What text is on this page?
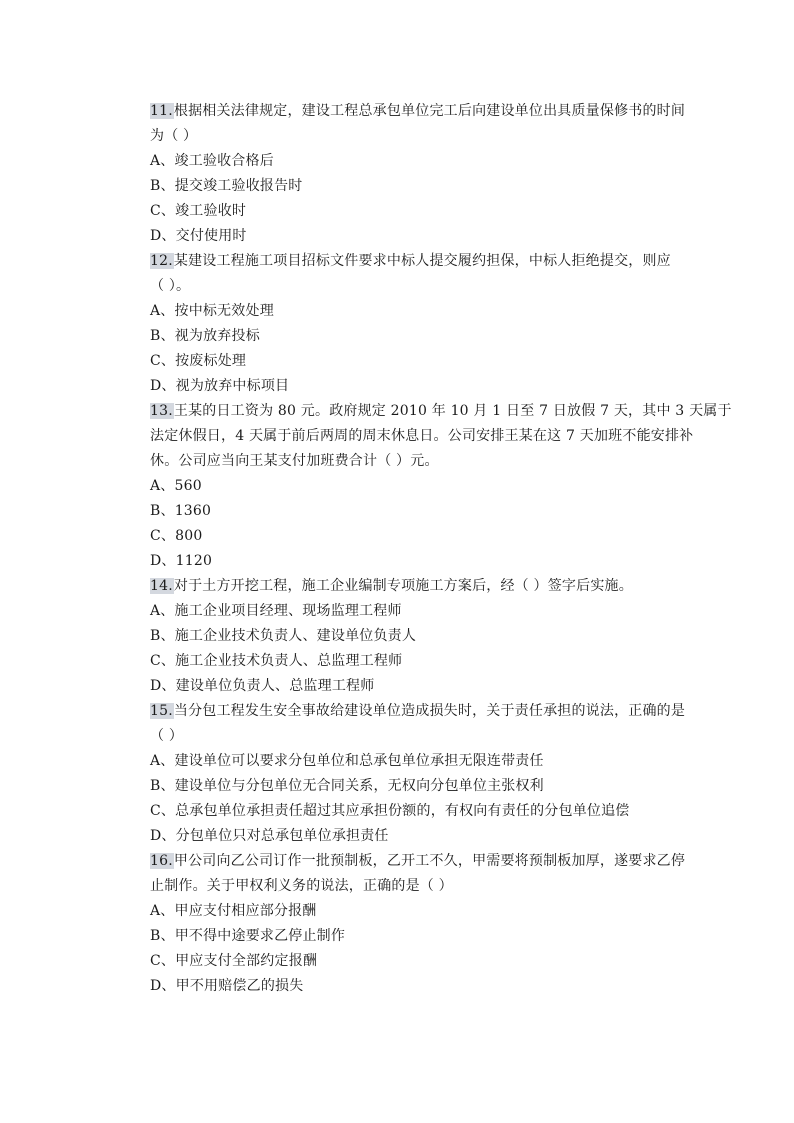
11.根据相关法律规定，建设工程总承包单位完工后向建设单位出具质量保修书的时间
为（ ）
A、竣工验收合格后
B、提交竣工验收报告时
C、竣工验收时
D、交付使用时
12.某建设工程施工项目招标文件要求中标人提交履约担保，中标人拒绝提交，则应
（ ）。
A、按中标无效处理
B、视为放弃投标
C、按废标处理
D、视为放弃中标项目
13.王某的日工资为 80 元。政府规定 2010 年 10 月 1 日至 7 日放假 7 天，其中 3 天属于
法定休假日，4 天属于前后两周的周末休息日。公司安排王某在这 7 天加班不能安排补
休。公司应当向王某支付加班费合计（ ）元。
A、560
B、1360
C、800
D、1120
14.对于土方开挖工程，施工企业编制专项施工方案后，经（ ）签字后实施。
A、施工企业项目经理、现场监理工程师
B、施工企业技术负责人、建设单位负责人
C、施工企业技术负责人、总监理工程师
D、建设单位负责人、总监理工程师
15.当分包工程发生安全事故给建设单位造成损失时，关于责任承担的说法，正确的是
（ ）
A、建设单位可以要求分包单位和总承包单位承担无限连带责任
B、建设单位与分包单位无合同关系，无权向分包单位主张权利
C、总承包单位承担责任超过其应承担份额的，有权向有责任的分包单位追偿
D、分包单位只对总承包单位承担责任
16.甲公司向乙公司订作一批预制板，乙开工不久，甲需要将预制板加厚，遂要求乙停
止制作。关于甲权利义务的说法，正确的是（ ）
A、甲应支付相应部分报酬
B、甲不得中途要求乙停止制作
C、甲应支付全部约定报酬
D、甲不用赔偿乙的损失
